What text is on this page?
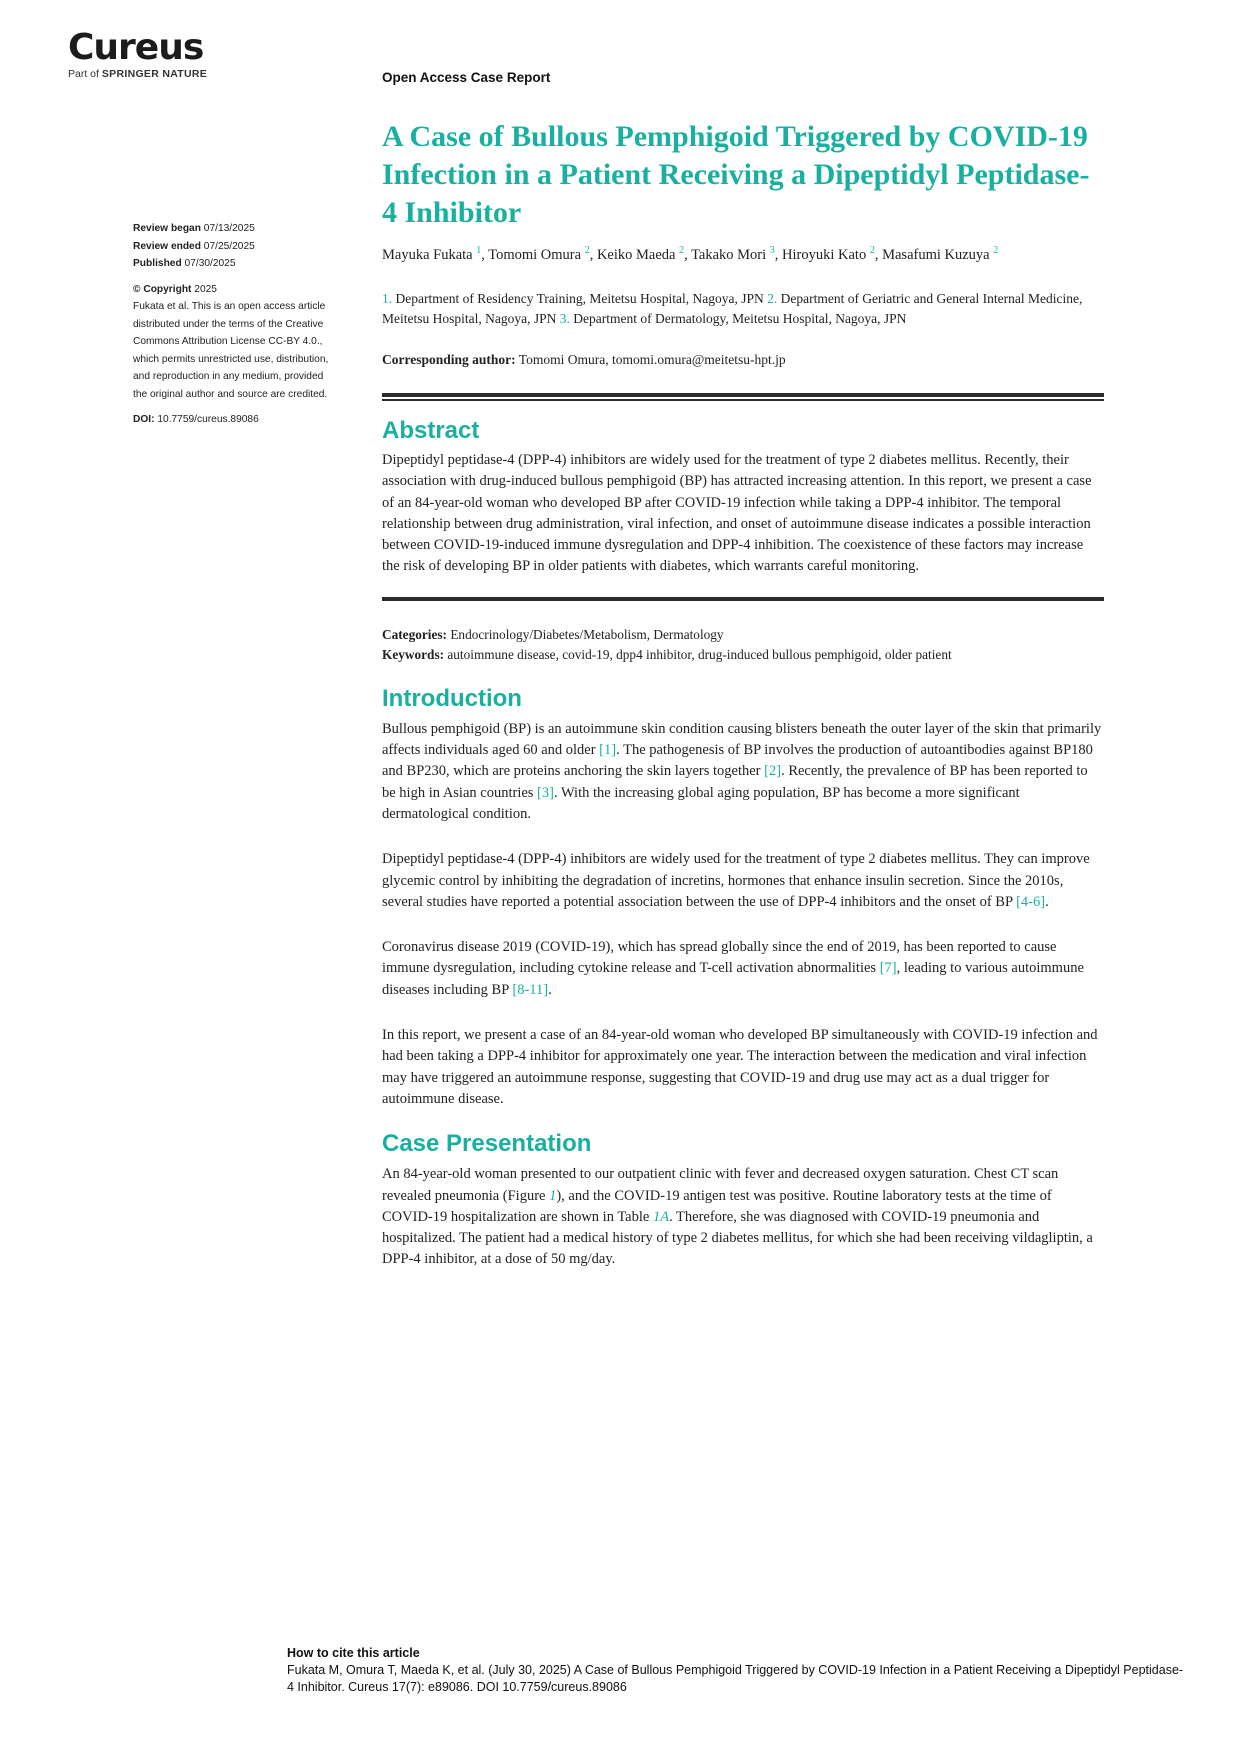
Cureus
Part of SPRINGER NATURE	Open Access Case Report
Review began 07/13/2025
Review ended 07/25/2025
Published 07/30/2025
© Copyright 2025
Fukata et al. This is an open access article
distributed under the terms of the Creative
Commons Attribution License CC-BY 4.0.,
which permits unrestricted use, distribution,
and reproduction in any medium, provided
the original author and source are credited.
DOI: 10.7759/cureus.89086
A Case of Bullous Pemphigoid Triggered by COVID-19 Infection in a Patient Receiving a Dipeptidyl Peptidase-4 Inhibitor
Mayuka Fukata $^1$, Tomomi Omura $^2$, Keiko Maeda $^2$, Takako Mori $^3$, Hiroyuki Kato $^2$, Masafumi Kuzuya $^2$
1. Department of Residency Training, Meitetsu Hospital, Nagoya, JPN 2. Department of Geriatric and General Internal Medicine, Meitetsu Hospital, Nagoya, JPN 3. Department of Dermatology, Meitetsu Hospital, Nagoya, JPN
Corresponding author: Tomomi Omura, tomomi.omura@meitetsu-hpt.jp
Abstract

Dipeptidyl peptidase-4 (DPP-4) inhibitors are widely used for the treatment of type 2 diabetes mellitus. Recently, their association with drug-induced bullous pemphigoid (BP) has attracted increasing attention. In this report, we present a case of an 84-year-old woman who developed BP after COVID-19 infection while taking a DPP-4 inhibitor. The temporal relationship between drug administration, viral infection, and onset of autoimmune disease indicates a possible interaction between COVID-19-induced immune dysregulation and DPP-4 inhibition. The coexistence of these factors may increase the risk of developing BP in older patients with diabetes, which warrants careful monitoring.

Categories: Endocrinology/Diabetes/Metabolism, Dermatology
Keywords: autoimmune disease, covid-19, dpp4 inhibitor, drug-induced bullous pemphigoid, older patient
Introduction

Bullous pemphigoid (BP) is an autoimmune skin condition causing blisters beneath the outer layer of the skin that primarily affects individuals aged 60 and older [1]. The pathogenesis of BP involves the production of autoantibodies against BP180 and BP230, which are proteins anchoring the skin layers together [2]. Recently, the prevalence of BP has been reported to be high in Asian countries [3]. With the increasing global aging population, BP has become a more significant dermatological condition.

Dipeptidyl peptidase-4 (DPP-4) inhibitors are widely used for the treatment of type 2 diabetes mellitus. They can improve glycemic control by inhibiting the degradation of incretins, hormones that enhance insulin secretion. Since the 2010s, several studies have reported a potential association between the use of DPP-4 inhibitors and the onset of BP [4-6].

Coronavirus disease 2019 (COVID-19), which has spread globally since the end of 2019, has been reported to cause immune dysregulation, including cytokine release and T-cell activation abnormalities [7], leading to various autoimmune diseases including BP [8-11].

In this report, we present a case of an 84-year-old woman who developed BP simultaneously with COVID-19 infection and had been taking a DPP-4 inhibitor for approximately one year. The interaction between the medication and viral infection may have triggered an autoimmune response, suggesting that COVID-19 and drug use may act as a dual trigger for autoimmune disease.

Case Presentation

An 84-year-old woman presented to our outpatient clinic with fever and decreased oxygen saturation. Chest CT scan revealed pneumonia (Figure 1), and the COVID-19 antigen test was positive. Routine laboratory tests at the time of COVID-19 hospitalization are shown in Table 1A. Therefore, she was diagnosed with COVID-19 pneumonia and hospitalized. The patient had a medical history of type 2 diabetes mellitus, for which she had been receiving vildagliptin, a DPP-4 inhibitor, at a dose of 50 mg/day.

How to cite this article
Fukata M, Omura T, Maeda K, et al. (July 30, 2025) A Case of Bullous Pemphigoid Triggered by COVID-19 Infection in a Patient Receiving a Dipeptidyl Peptidase-4 Inhibitor. Cureus 17(7): e89086. DOI 10.7759/cureus.89086
